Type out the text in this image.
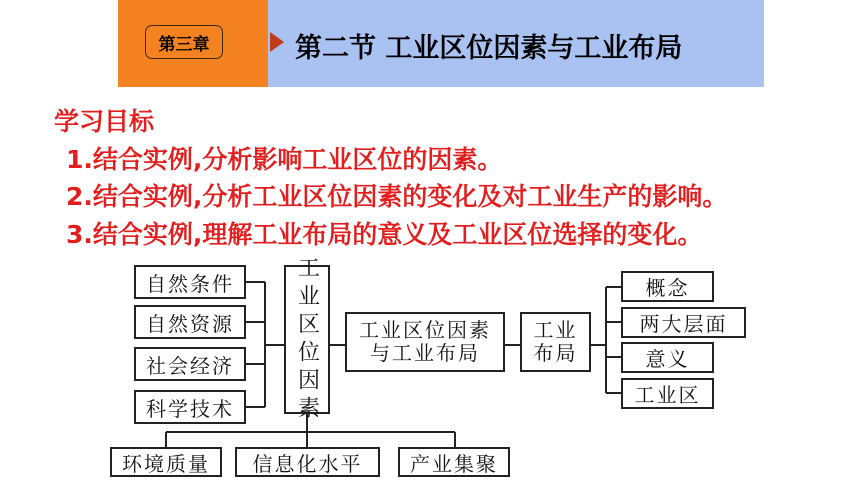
第三章	第二节 工业区位因素与工业布局
学习目标
1.结合实例,分析影响工业区位的因素。
2.结合实例,分析工业区位因素的变化及对工业生产的影响。
3.结合实例,理解工业布局的意义及工业区位选择的变化。
自然条件
自然资源
社会经济
科学技术	工业区位因素	工业区位因素
与工业布局
工业
布局
概念
两大层面
意义
工业区
环境质量	信息化水平	产业集聚
